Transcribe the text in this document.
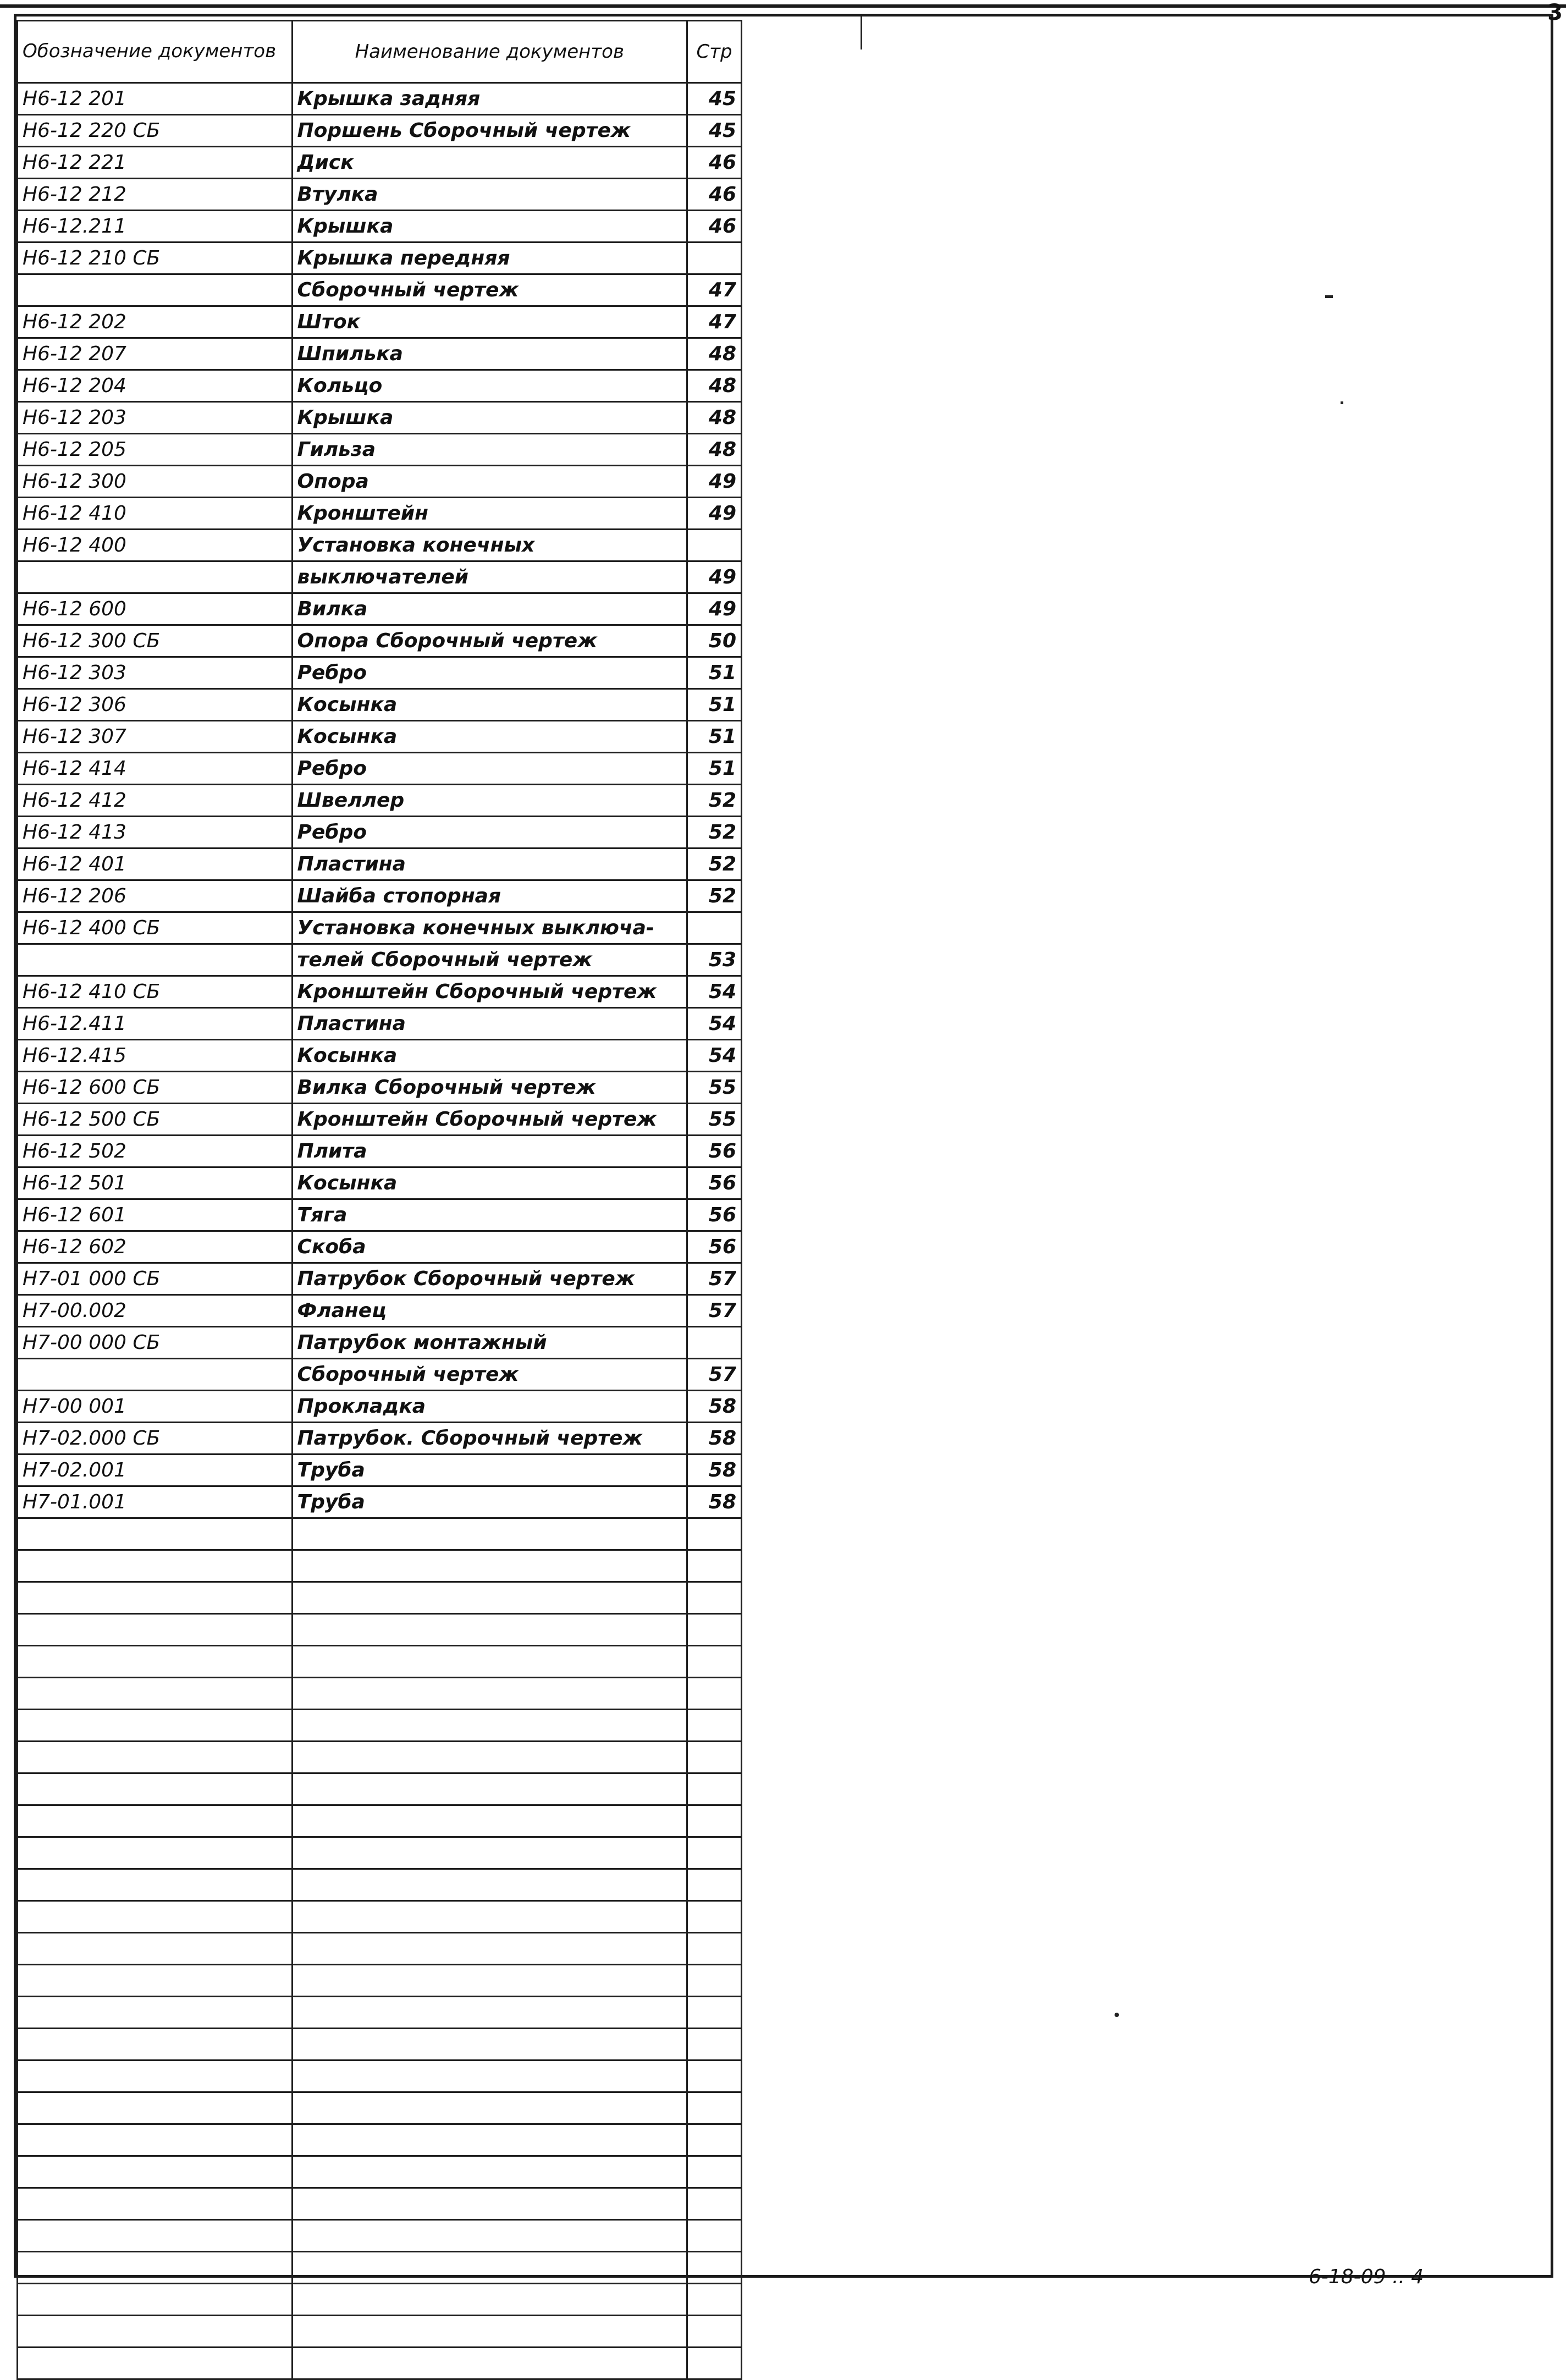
3
Обозначение документов	Наименование документов	Стр
Н6-12 201	Крышка задняя	45
Н6-12 220 СБ	Поршень Сборочный чертеж	45
Н6-12 221	Диск	46
Н6-12 212	Втулка	46
Н6-12.211	Крышка	46
Н6-12 210 СБ	Крышка передняя	
	Сборочный чертеж	47
Н6-12 202	Шток	47
Н6-12 207	Шпилька	48
Н6-12 204	Кольцо	48
Н6-12 203	Крышка	48
Н6-12 205	Гильза	48
Н6-12 300	Опора	49
Н6-12 410	Кронштейн	49
Н6-12 400	Установка конечных	
	выключателей	49
Н6-12 600	Вилка	49
Н6-12 300 СБ	Опора Сборочный чертеж	50
Н6-12 303	Ребро	51
Н6-12 306	Косынка	51
Н6-12 307	Косынка	51
Н6-12 414	Ребро	51
Н6-12 412	Швеллер	52
Н6-12 413	Ребро	52
Н6-12 401	Пластина	52
Н6-12 206	Шайба стопорная	52
Н6-12 400 СБ	Установка конечных выключа-	
	телей Сборочный чертеж	53
Н6-12 410 СБ	Кронштейн Сборочный чертеж	54
Н6-12.411	Пластина	54
Н6-12.415	Косынка	54
Н6-12 600 СБ	Вилка Сборочный чертеж	55
Н6-12 500 СБ	Кронштейн Сборочный чертеж	55
Н6-12 502	Плита	56
Н6-12 501	Косынка	56
Н6-12 601	Тяга	56
Н6-12 602	Скоба	56
Н7-01 000 СБ	Патрубок Сборочный чертеж	57
Н7-00.002	Фланец	57
Н7-00 000 СБ	Патрубок монтажный	
	Сборочный чертеж	57
Н7-00 001	Прокладка	58
Н7-02.000 СБ	Патрубок. Сборочный чертеж	58
Н7-02.001	Труба	58
Н7-01.001	Труба	58

6-18-09 .. 4
